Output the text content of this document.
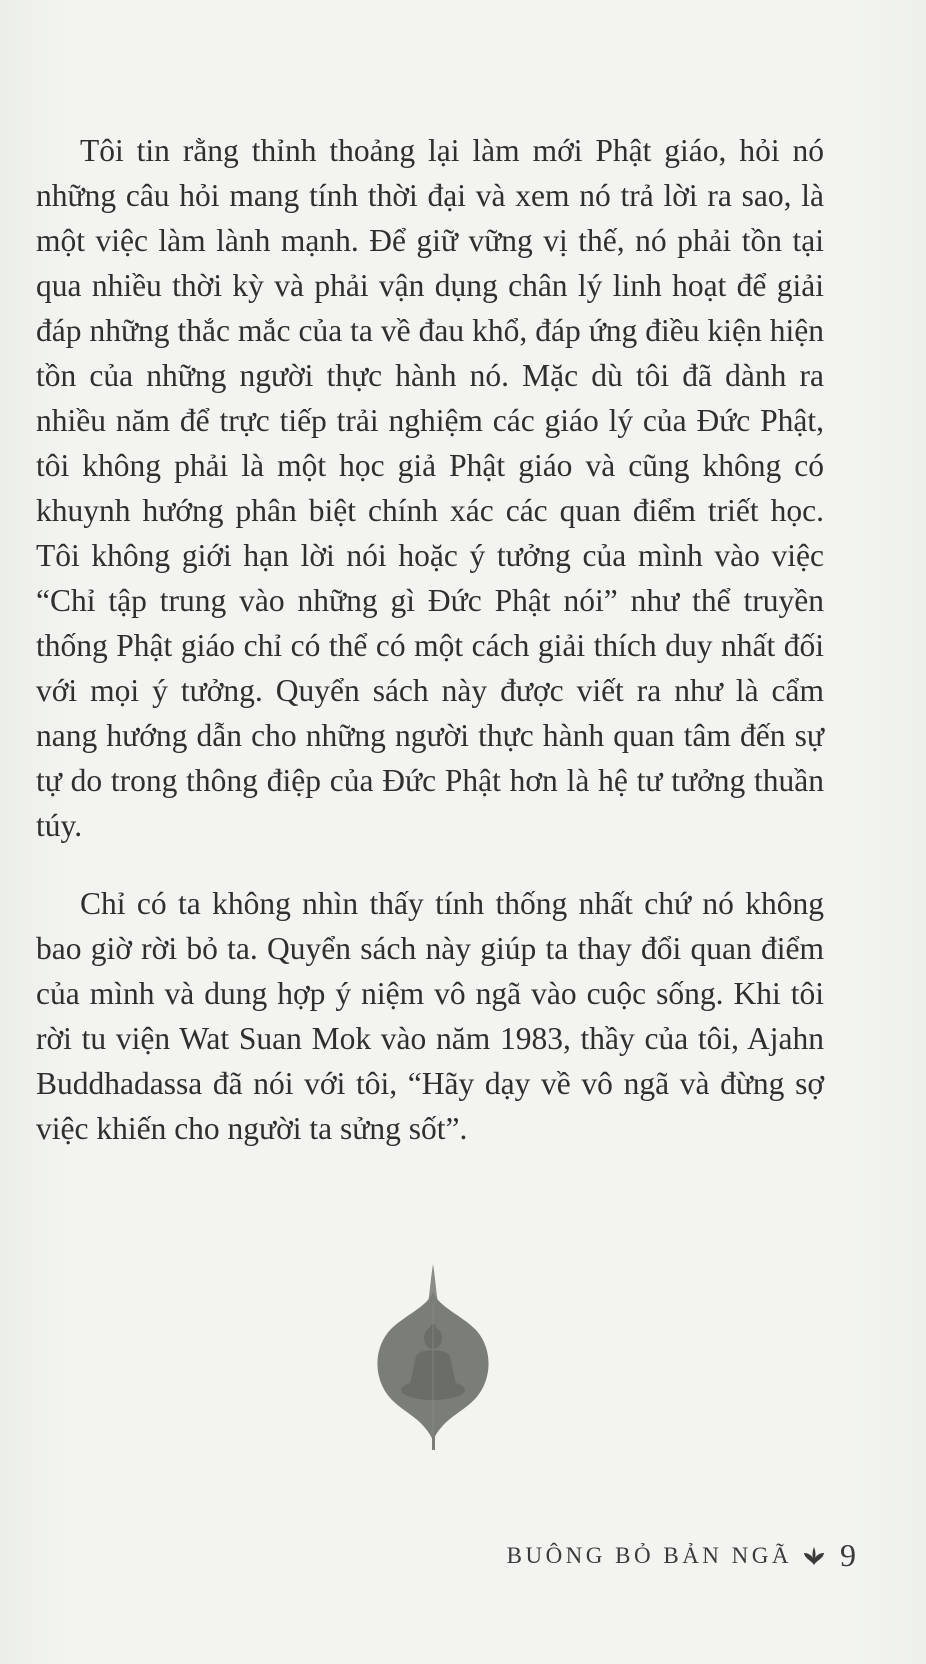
Tôi tin rằng thỉnh thoảng lại làm mới Phật giáo, hỏi nó những câu hỏi mang tính thời đại và xem nó trả lời ra sao, là một việc làm lành mạnh. Để giữ vững vị thế, nó phải tồn tại qua nhiều thời kỳ và phải vận dụng chân lý linh hoạt để giải đáp những thắc mắc của ta về đau khổ, đáp ứng điều kiện hiện tồn của những người thực hành nó. Mặc dù tôi đã dành ra nhiều năm để trực tiếp trải nghiệm các giáo lý của Đức Phật, tôi không phải là một học giả Phật giáo và cũng không có khuynh hướng phân biệt chính xác các quan điểm triết học. Tôi không giới hạn lời nói hoặc ý tưởng của mình vào việc “Chỉ tập trung vào những gì Đức Phật nói” như thể truyền thống Phật giáo chỉ có thể có một cách giải thích duy nhất đối với mọi ý tưởng. Quyển sách này được viết ra như là cẩm nang hướng dẫn cho những người thực hành quan tâm đến sự tự do trong thông điệp của Đức Phật hơn là hệ tư tưởng thuần túy.

Chỉ có ta không nhìn thấy tính thống nhất chứ nó không bao giờ rời bỏ ta. Quyển sách này giúp ta thay đổi quan điểm của mình và dung hợp ý niệm vô ngã vào cuộc sống. Khi tôi rời tu viện Wat Suan Mok vào năm 1983, thầy của tôi, Ajahn Buddhadassa đã nói với tôi, “Hãy dạy về vô ngã và đừng sợ việc khiến cho người ta sửng sốt”.

BUÔNG BỎ BẢN NGÃ 9
